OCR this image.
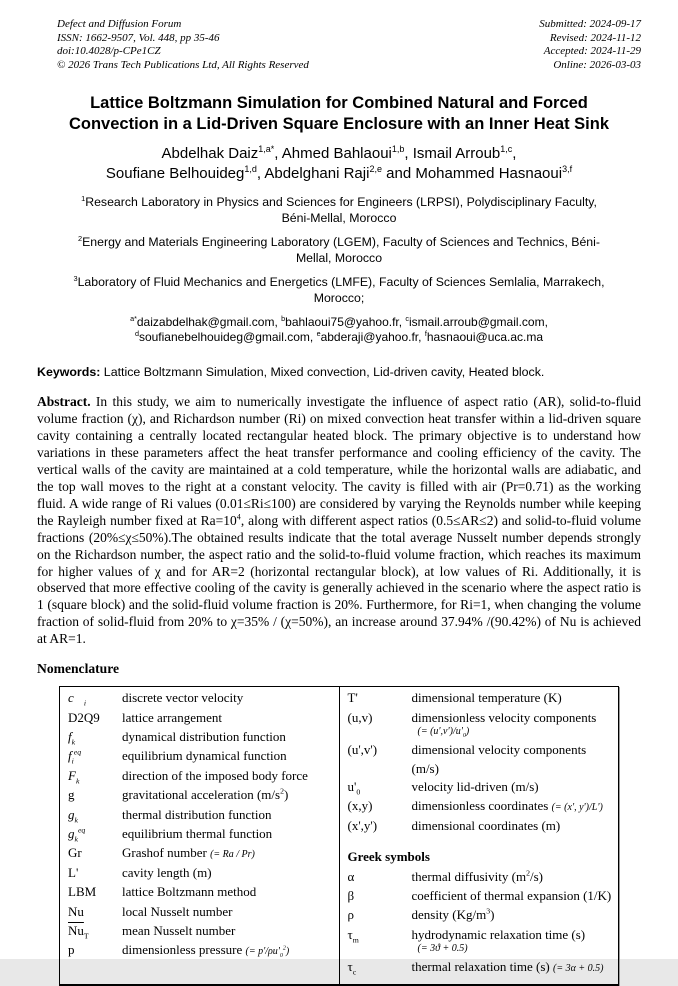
Defect and Diffusion Forum
ISSN: 1662-9507, Vol. 448, pp 35-46
doi:10.4028/p-CPe1CZ
© 2026 Trans Tech Publications Ltd, All Rights Reserved
Submitted: 2024-09-17
Revised: 2024-11-12
Accepted: 2024-11-29
Online: 2026-03-03
Lattice Boltzmann Simulation for Combined Natural and Forced
Convection in a Lid-Driven Square Enclosure with an Inner Heat Sink
Abdelhak Daiz$^{1,a*}$, Ahmed Bahlaoui$^{1,b}$, Ismail Arroub$^{1,c}$,
Soufiane Belhouideg$^{1,d}$, Abdelghani Raji$^{2,e}$ and Mohammed Hasnaoui$^{3,f}$
$^1$Research Laboratory in Physics and Sciences for Engineers (LRPSI), Polydisciplinary Faculty,
Béni-Mellal, Morocco
$^2$Energy and Materials Engineering Laboratory (LGEM), Faculty of Sciences and Technics, Béni-
Mellal, Morocco
$^3$Laboratory of Fluid Mechanics and Energetics (LMFE), Faculty of Sciences Semlalia, Marrakech,
Morocco;
$^{a*}$daizabdelhak@gmail.com, $^b$bahlaoui75@yahoo.fr, $^c$ismail.arroub@gmail.com,
$^d$soufianebelhouideg@gmail.com, $^e$abderaji@yahoo.fr, $^f$hasnaoui@uca.ac.ma
Keywords: Lattice Boltzmann Simulation, Mixed convection, Lid-driven cavity, Heated block.

Abstract. In this study, we aim to numerically investigate the influence of aspect ratio (AR), solid-to-fluid volume fraction (χ), and Richardson number (Ri) on mixed convection heat transfer within a lid-driven square cavity containing a centrally located rectangular heated block. The primary objective is to understand how variations in these parameters affect the heat transfer performance and cooling efficiency of the cavity. The vertical walls of the cavity are maintained at a cold temperature, while the horizontal walls are adiabatic, and the top wall moves to the right at a constant velocity. The cavity is filled with air (Pr=0.71) as the working fluid. A wide range of Ri values (0.01≤Ri≤100) are considered by varying the Reynolds number while keeping the Rayleigh number fixed at $Ra=10^4$, along with different aspect ratios (0.5≤AR≤2) and solid-to-fluid volume fractions (20%≤χ≤50%).The obtained results indicate that the total average Nusselt number depends strongly on the Richardson number, the aspect ratio and the solid-to-fluid volume fraction, which reaches its maximum for higher values of χ and for AR=2 (horizontal rectangular block), at low values of Ri. Additionally, it is observed that more effective cooling of the cavity is generally achieved in the scenario where the aspect ratio is 1 (square block) and the solid-fluid volume fraction is 20%. Furthermore, for Ri=1, when changing the volume fraction of solid-fluid from 20% to χ=35% / (χ=50%), an increase around 37.94% /(90.42%) of Nu is achieved at AR=1.

Nomenclature
$c⃗_i$	discrete vector velocity
D2Q9	lattice arrangement
$f_k$	dynamical distribution function
$f_i^{eq}$	equilibrium dynamical function
$F_k$	direction of the imposed body force
g	gravitational acceleration $(m/s^2)$
$g_k$	thermal distribution function
$g_k^{eq}$	equilibrium thermal function
Gr	Grashof number (= Ra / Pr)
L'	cavity length (m)
LBM	lattice Boltzmann method
Nu	local Nusselt number
$\overline{Nu}_T$	mean Nusselt number
p	dimensionless pressure (= $p'/\rho u'_0^2$)
T'	dimensional temperature (K)
(u,v)	dimensionless velocity components
(= $(u',v')/u'_0$)
(u',v')	dimensional velocity components (m/s)
$u'_0$	velocity lid-driven (m/s)
(x,y)	dimensionless coordinates (= (x', y')/L')
(x',y')	dimensional coordinates (m)
Greek symbols
α	thermal diffusivity $(m^2/s)$
β	coefficient of thermal expansion (1/K)
ρ	density $(Kg/m^3)$
$\tau_m$	hydrodynamic relaxation time (s)
(= 3ϑ + 0.5)
$\tau_c$	thermal relaxation time (s) (= 3α + 0.5)
